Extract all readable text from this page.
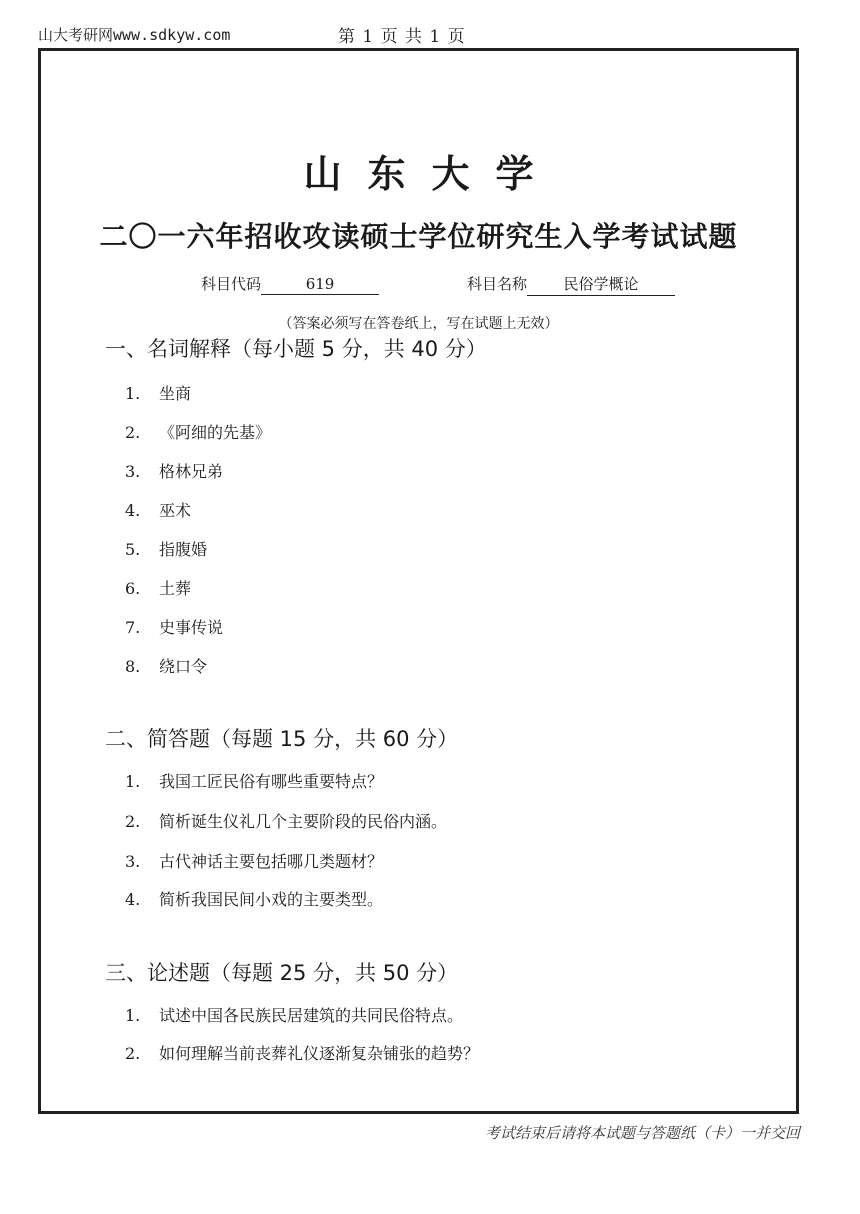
山大考研网www.sdkyw.com	第 1 页 共 1 页
山东大学
二〇一六年招收攻读硕士学位研究生入学考试试题
科目代码	619	科目名称 民俗学概论
（答案必须写在答卷纸上，写在试题上无效）
一、名词解释（每小题 5 分，共 40 分）
1. 坐商
2. 《阿细的先基》
3. 格林兄弟
4. 巫术
5. 指腹婚
6. 土葬
7. 史事传说
8. 绕口令
二、简答题（每题 15 分，共 60 分）
1. 我国工匠民俗有哪些重要特点？
2. 简析诞生仪礼几个主要阶段的民俗内涵。
3. 古代神话主要包括哪几类题材？
4. 简析我国民间小戏的主要类型。
三、论述题（每题 25 分，共 50 分）
1. 试述中国各民族民居建筑的共同民俗特点。
2. 如何理解当前丧葬礼仪逐渐复杂铺张的趋势？
考试结束后请将本试题与答题纸（卡）一并交回
